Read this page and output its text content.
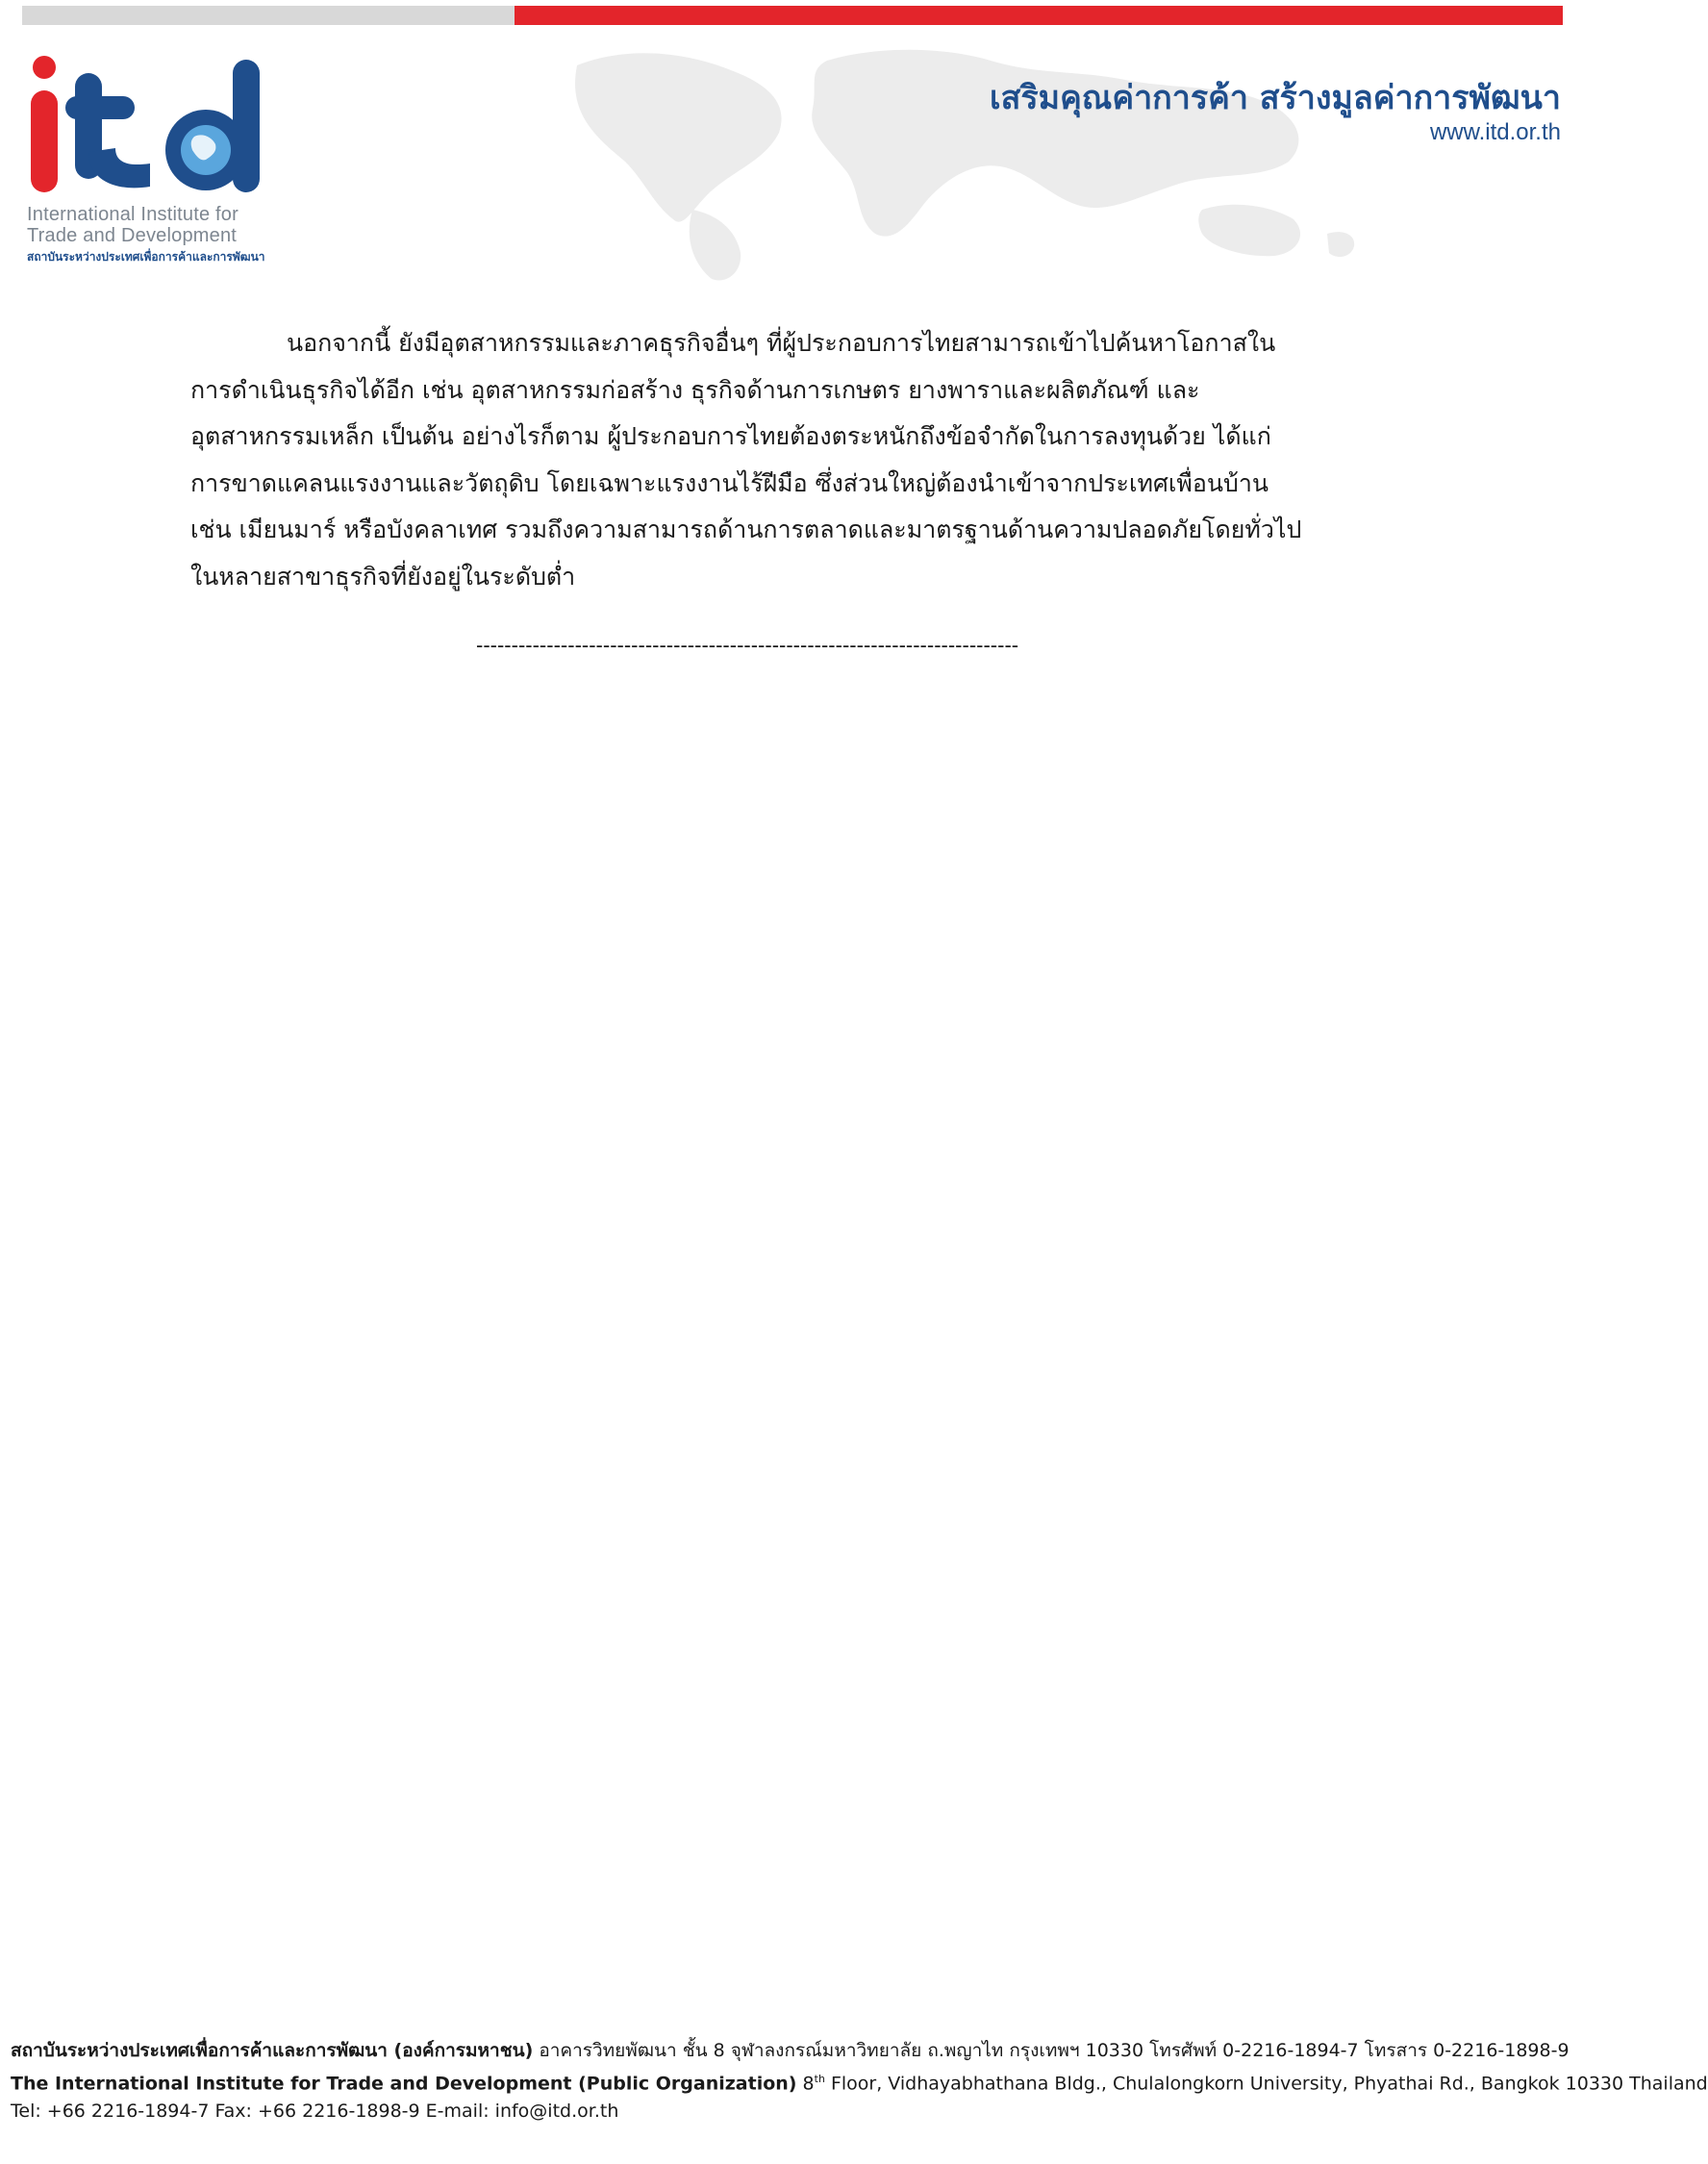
International Institute for
Trade and Development
สถาบันระหว่างประเทศเพื่อการค้าและการพัฒนา
เสริมคุณค่าการค้า สร้างมูลค่าการพัฒนา
www.itd.or.th
นอกจากนี้ ยังมีอุตสาหกรรมและภาคธุรกิจอื่นๆ ที่ผู้ประกอบการไทยสามารถเข้าไปค้นหาโอกาสใน
การดำเนินธุรกิจได้อีก เช่น อุตสาหกรรมก่อสร้าง ธุรกิจด้านการเกษตร ยางพาราและผลิตภัณฑ์ และ
อุตสาหกรรมเหล็ก เป็นต้น อย่างไรก็ตาม ผู้ประกอบการไทยต้องตระหนักถึงข้อจำกัดในการลงทุนด้วย ได้แก่
การขาดแคลนแรงงานและวัตถุดิบ โดยเฉพาะแรงงานไร้ฝีมือ ซึ่งส่วนใหญ่ต้องนำเข้าจากประเทศเพื่อนบ้าน
เช่น เมียนมาร์ หรือบังคลาเทศ รวมถึงความสามารถด้านการตลาดและมาตรฐานด้านความปลอดภัยโดยทั่วไป
ในหลายสาขาธุรกิจที่ยังอยู่ในระดับต่ำ
-----------------------------------------------------------------------------
สถาบันระหว่างประเทศเพื่อการค้าและการพัฒนา (องค์การมหาชน) อาคารวิทยพัฒนา ชั้น 8 จุฬาลงกรณ์มหาวิทยาลัย ถ.พญาไท กรุงเทพฯ 10330 โทรศัพท์ 0-2216-1894-7 โทรสาร 0-2216-1898-9
The International Institute for Trade and Development (Public Organization) 8th Floor, Vidhayabhathana Bldg., Chulalongkorn University, Phyathai Rd., Bangkok 10330 Thailand
Tel: +66 2216-1894-7 Fax: +66 2216-1898-9 E-mail: info@itd.or.th
